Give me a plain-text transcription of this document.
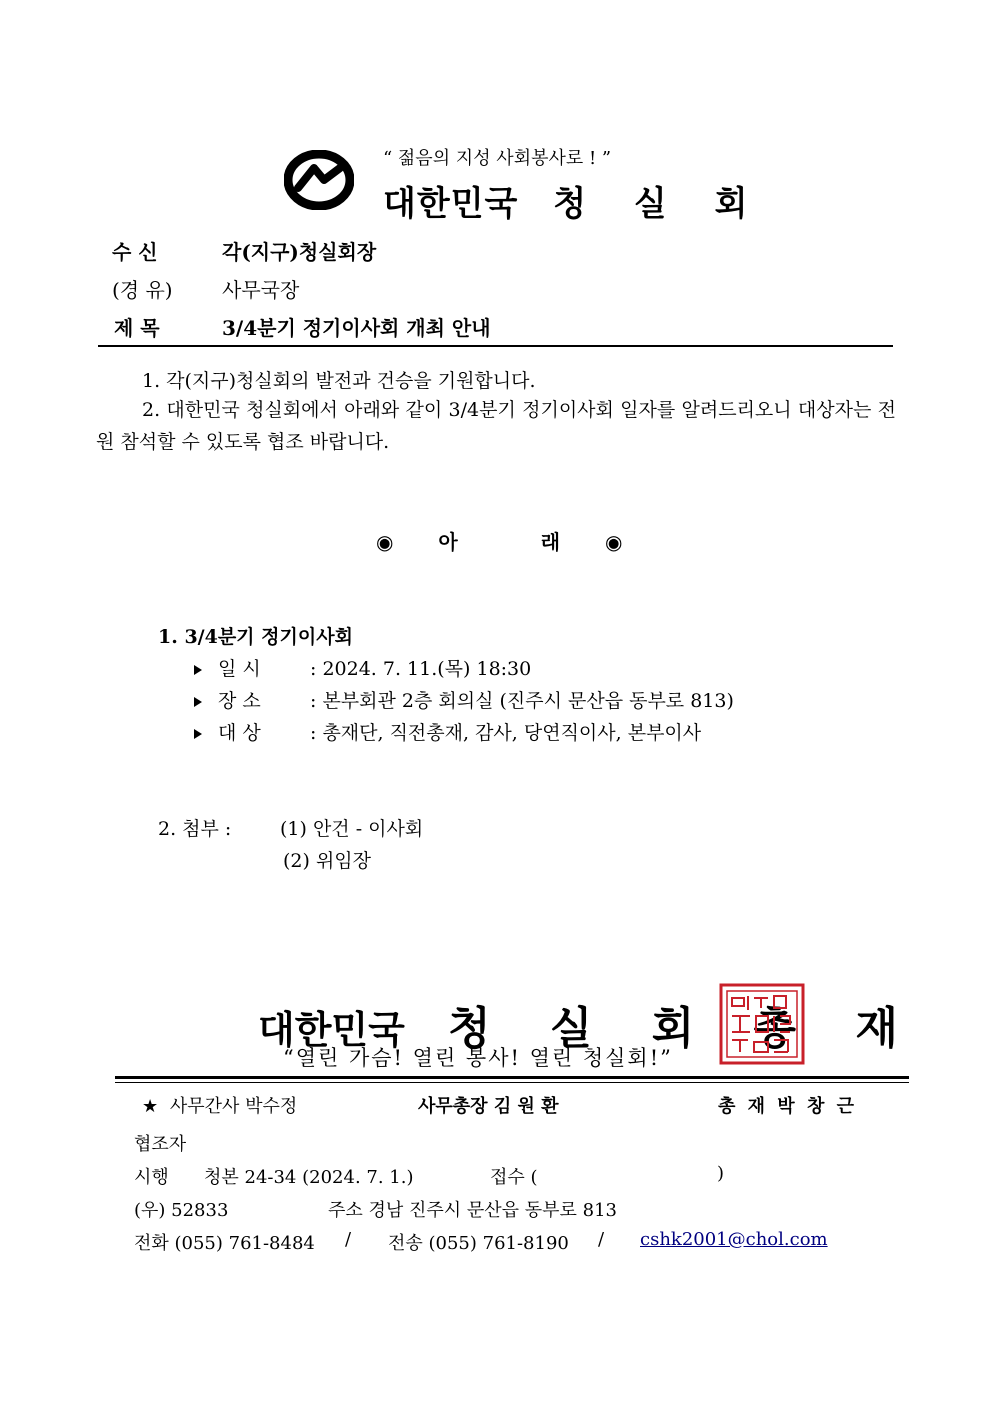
“ 젊음의 지성 사회봉사로 ! ”
대한민국 청 실 회
수 신	각(지구)청실회장
(경 유) 사무국장
제 목	3/4분기 정기이사회 개최 안내
1. 각(지구)청실회의 발전과 건승을 기원합니다.
2. 대한민국 청실회에서 아래와 같이 3/4분기 정기이사회 일자를 알려드리오니 대상자는 전원 참석할 수 있도록 협조 바랍니다.
◉ 아	래 ◉
1. 3/4분기 정기이사회
일 시	: 2024. 7. 11.(목) 18:30
장 소	: 본부회관 2층 회의실 (진주시 문산읍 동부로 813)
대 상	: 총재단, 직전총재, 감사, 당연직이사, 본부이사
2. 첨부 :	(1) 안건 - 이사회
(2) 위임장
대한민국 청 실 회 총 재
“열린 가슴! 열린 봉사! 열린 청실회!”
★ 사무간사 박수정	사무총장 김 원 환	총 재 박 창 근
협조자
시행 청본 24-34 (2024. 7. 1.)	접수 (	)
(우) 52833	주소 경남 진주시 문산읍 동부로 813
전화 (055) 761-8484 / 전송 (055) 761-8190 / cshk2001@chol.com
